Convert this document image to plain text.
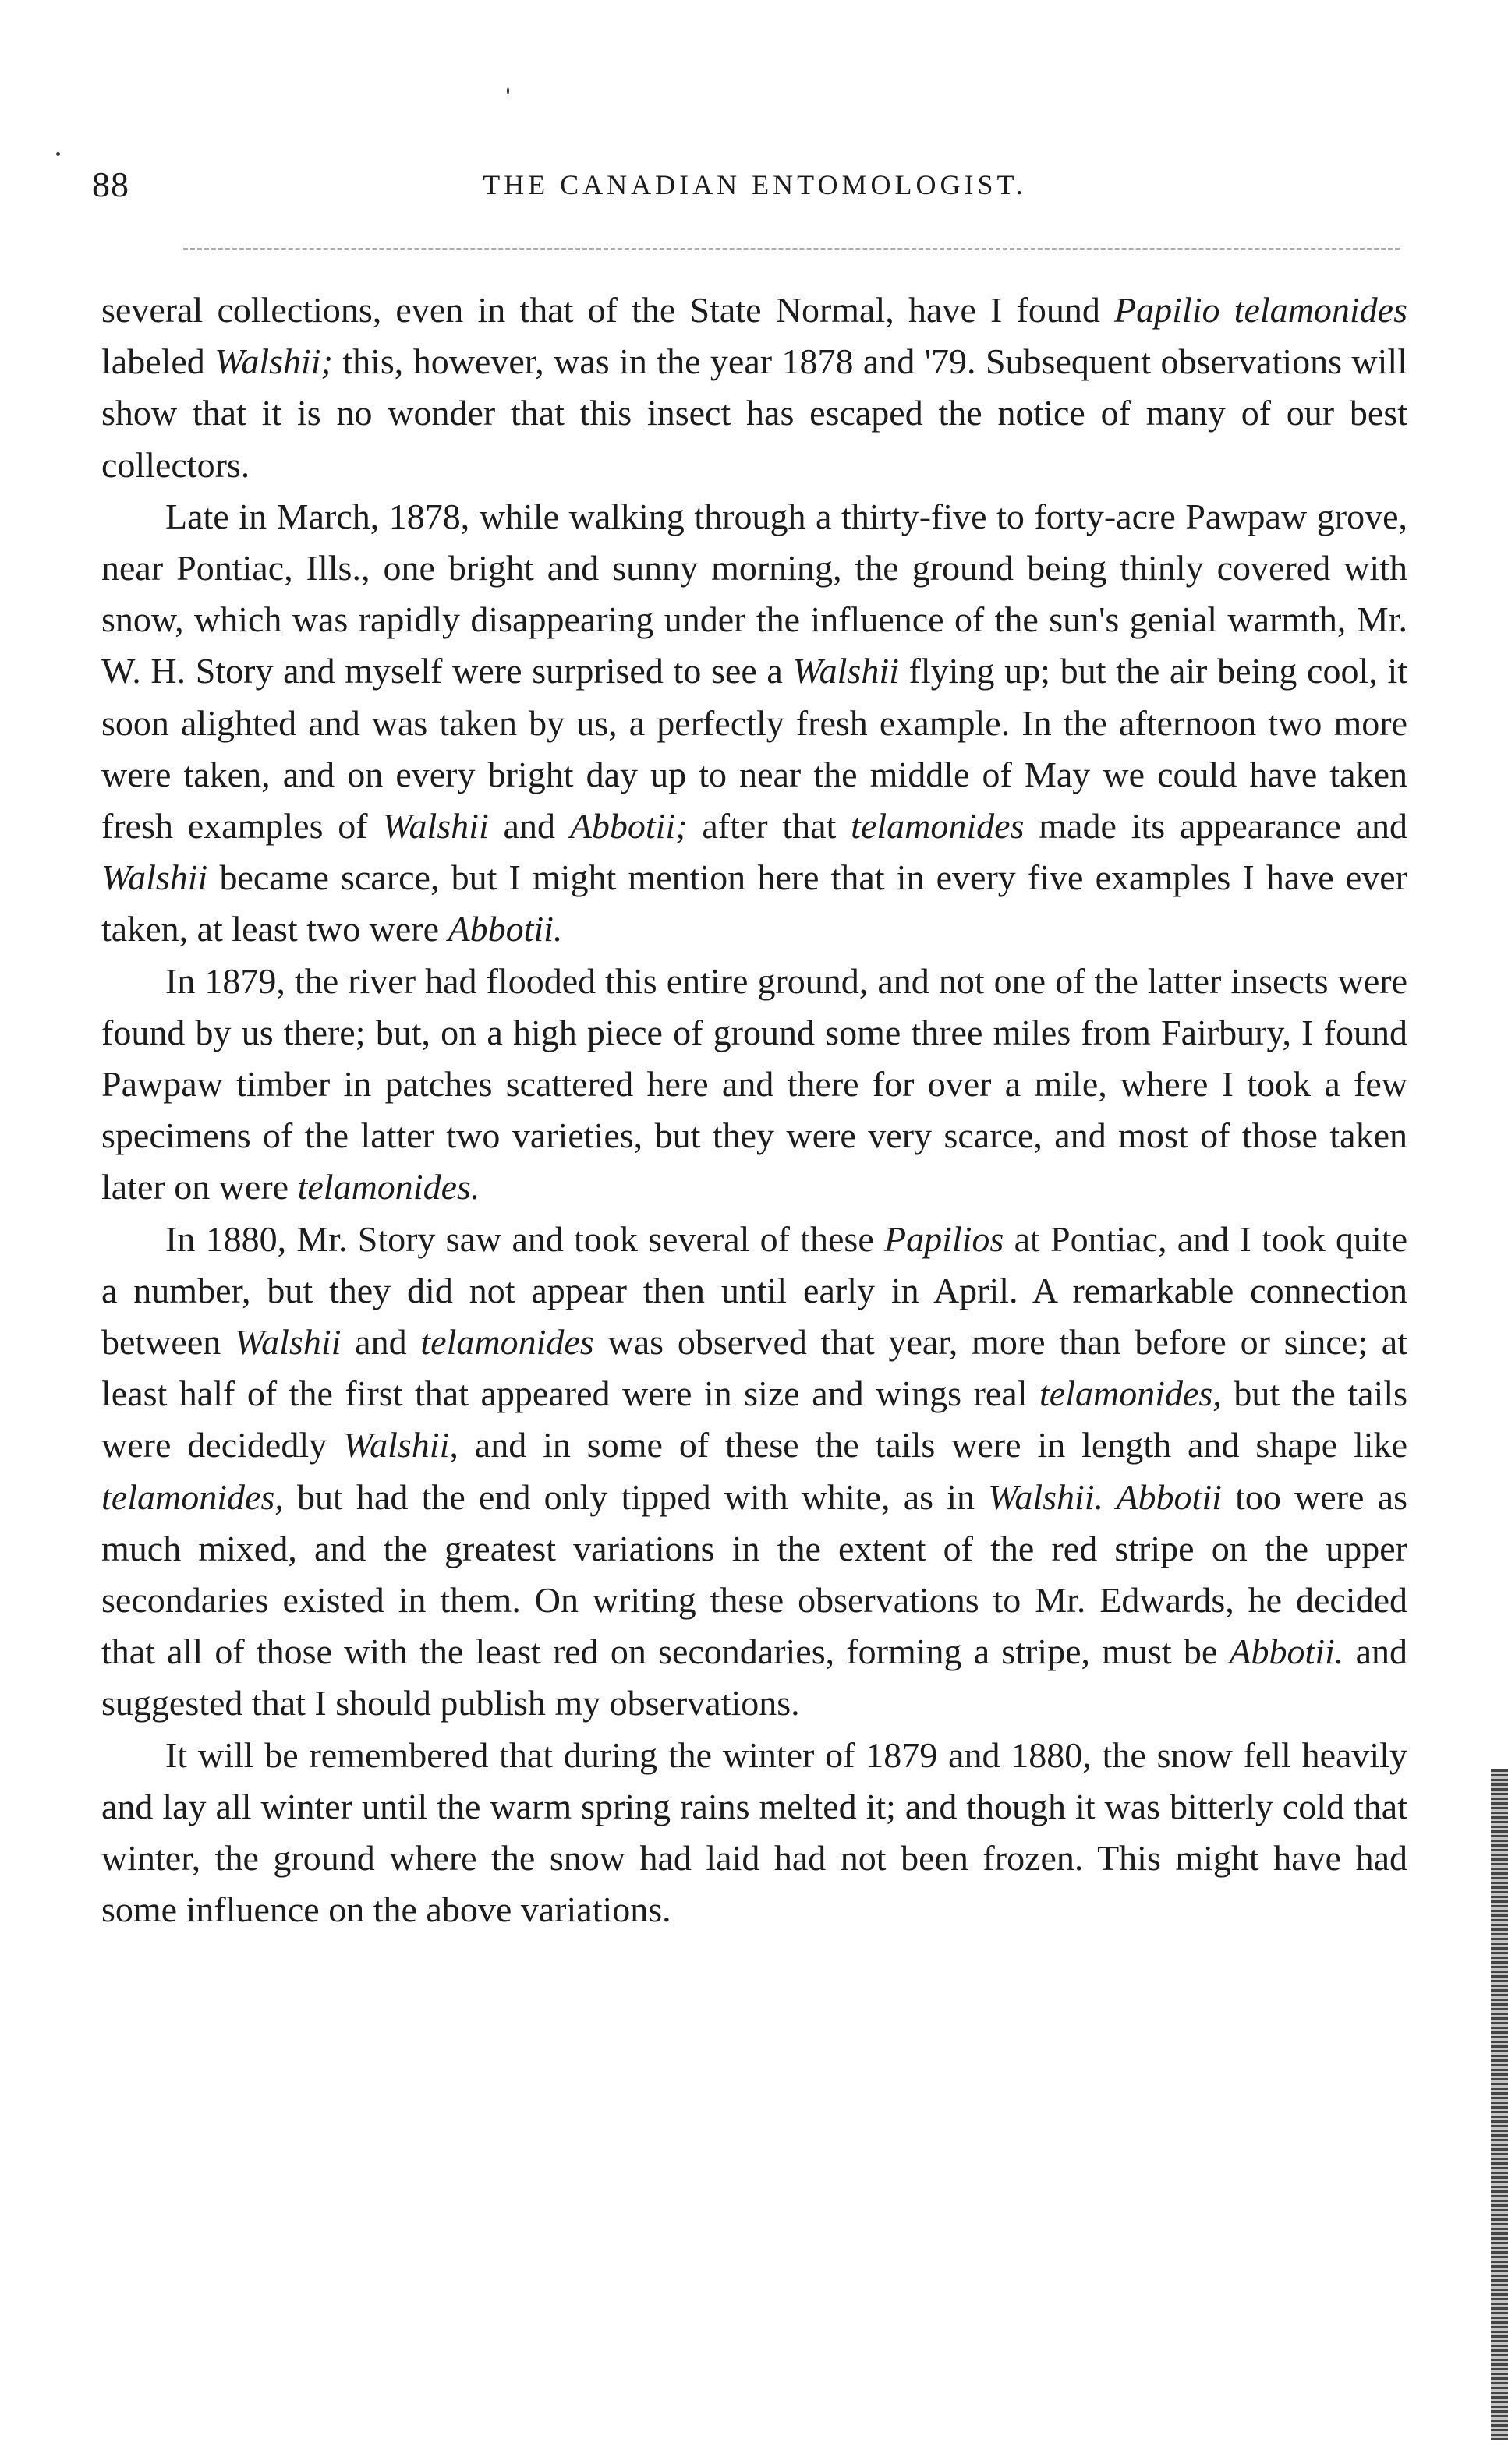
88	THE CANADIAN ENTOMOLOGIST.

several collections, even in that of the State Normal, have I found Papilio telamonides labeled Walshii; this, however, was in the year 1878 and '79. Subsequent observations will show that it is no wonder that this insect has escaped the notice of many of our best collectors.

Late in March, 1878, while walking through a thirty-five to forty-acre Pawpaw grove, near Pontiac, Ills., one bright and sunny morning, the ground being thinly covered with snow, which was rapidly disappearing under the influence of the sun's genial warmth, Mr. W. H. Story and myself were surprised to see a Walshii flying up; but the air being cool, it soon alighted and was taken by us, a perfectly fresh example. In the afternoon two more were taken, and on every bright day up to near the middle of May we could have taken fresh examples of Walshii and Abbotii; after that telamonides made its appearance and Walshii became scarce, but I might mention here that in every five examples I have ever taken, at least two were Abbotii.

In 1879, the river had flooded this entire ground, and not one of the latter insects were found by us there; but, on a high piece of ground some three miles from Fairbury, I found Pawpaw timber in patches scattered here and there for over a mile, where I took a few specimens of the latter two varieties, but they were very scarce, and most of those taken later on were telamonides.

In 1880, Mr. Story saw and took several of these Papilios at Pontiac, and I took quite a number, but they did not appear then until early in April. A remarkable connection between Walshii and telamonides was observed that year, more than before or since; at least half of the first that appeared were in size and wings real telamonides, but the tails were decidedly Walshii, and in some of these the tails were in length and shape like telamonides, but had the end only tipped with white, as in Walshii. Abbotii too were as much mixed, and the greatest variations in the extent of the red stripe on the upper secondaries existed in them. On writing these observations to Mr. Edwards, he decided that all of those with the least red on secondaries, forming a stripe, must be Abbotii. and suggested that I should publish my observations.

It will be remembered that during the winter of 1879 and 1880, the snow fell heavily and lay all winter until the warm spring rains melted it; and though it was bitterly cold that winter, the ground where the snow had laid had not been frozen. This might have had some influence on the above variations.
